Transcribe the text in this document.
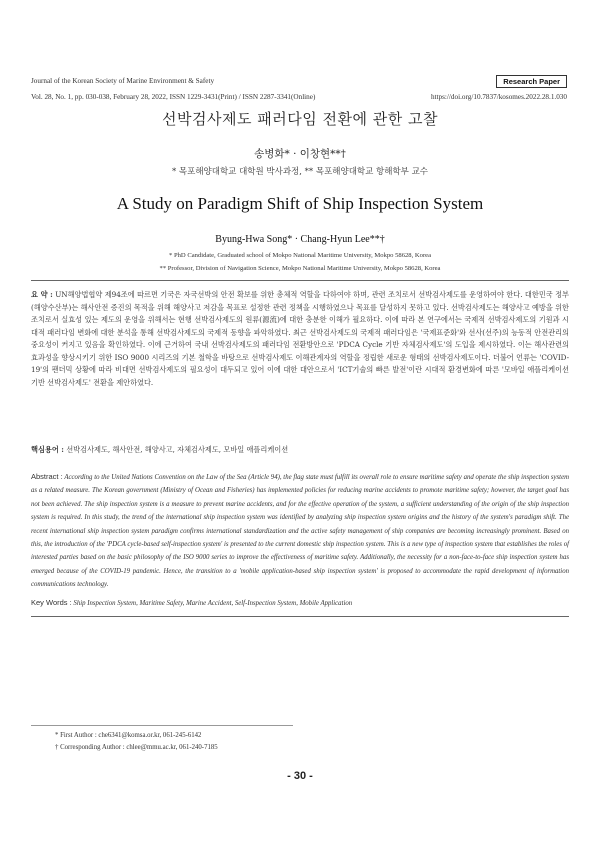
Journal of the Korean Society of Marine Environment & Safety	Research Paper
Vol. 28, No. 1, pp. 030-038, February 28, 2022, ISSN 1229-3431(Print) / ISSN 2287-3341(Online)	https://doi.org/10.7837/kosomes.2022.28.1.030
선박검사제도 패러다임 전환에 관한 고찰
송병화* · 이창현**†
* 목포해양대학교 대학원 박사과정, ** 목포해양대학교 항해학부 교수
A Study on Paradigm Shift of Ship Inspection System
Byung-Hwa Song* · Chang-Hyun Lee**†
* PhD Candidate, Graduated school of Mokpo National Maritime University, Mokpo 58628, Korea
** Professor, Division of Navigation Science, Mokpo National Maritime University, Mokpo 58628, Korea
요 약 : UN해양법협약 제94조에 따르면 기국은 자국선박의 안전 확보를 위한 총체적 역할을 다하여야 하며, 관련 조치로서 선박검사제도를 운영하여야 한다. 대한민국 정부(해양수산부)는 해사안전 증진의 목적을 위해 해양사고 저감을 목표로 설정한 관련 정책을 시행하였으나 목표를 달성하지 못하고 있다. 선박검사제도는 해양사고 예방을 위한 조치로서 실효성 있는 제도의 운영을 위해서는 현행 선박검사제도의 원류(源流)에 대한 충분한 이해가 필요하다. 이에 따라 본 연구에서는 국제적 선박검사제도의 기원과 시대적 패러다임 변화에 대한 분석을 통해 선박검사제도의 국제적 동향을 파악하였다. 최근 선박검사제도의 국제적 패러다임은 '국제표준화'와 선사(선주)의 능동적 안전관리의 중요성이 커지고 있음을 확인하였다. 이에 근거하여 국내 선박검사제도의 패러다임 전환방안으로 'PDCA Cycle 기반 자체검사제도'의 도입을 제시하였다. 이는 해사관련의 효과성을 향상시키기 위한 ISO 9000 시리즈의 기본 철학을 바탕으로 선박검사제도 이해관계자의 역할을 정립한 새로운 형태의 선박검사제도이다. 더불어 언류는 'COVID-19'의 팬더믹 상황에 따라 비대면 선박검사제도의 필요성이 대두되고 있어 이에 대한 대안으로서 'ICT기술의 빠른 발전'이란 시대적 환경변화에 따른 '모바일 애플리케이션 기반 선박검사제도' 전환을 제안하였다.
핵심용어 : 선박검사제도, 해사안전, 해양사고, 자체검사제도, 모바일 애플리케이션
Abstract : According to the United Nations Convention on the Law of the Sea (Article 94), the flag state must fulfill its overall role to ensure maritime safety and operate the ship inspection system as a related measure. The Korean government (Ministry of Ocean and Fisheries) has implemented policies for reducing marine accidents to promote maritime safety; however, the target goal has not been achieved. The ship inspection system is a measure to prevent marine accidents, and for the effective operation of the system, a sufficient understanding of the origin of the ship inspection system is required. In this study, the trend of the international ship inspection system was identified by analyzing ship inspection system origins and the history of the system's paradigm shift. The recent international ship inspection system paradigm confirms international standardization and the active safety management of ship companies are becoming increasingly prominent. Based on this, the introduction of the 'PDCA cycle-based self-inspection system' is presented to the current domestic ship inspection system. This is a new type of inspection system that establishes the roles of interested parties based on the basic philosophy of the ISO 9000 series to improve the effectiveness of maritime safety. Additionally, the necessity for a non-face-to-face ship inspection system has emerged because of the COVID-19 pandemic. Hence, the transition to a 'mobile application-based ship inspection system' is proposed to accommodate the rapid development of information communications technology.
Key Words : Ship Inspection System, Maritime Safety, Marine Accident, Self-Inspection System, Mobile Application
* First Author : che6341@komsa.or.kr, 061-245-6142
† Corresponding Author : chlee@mmu.ac.kr, 061-240-7185
- 30 -
